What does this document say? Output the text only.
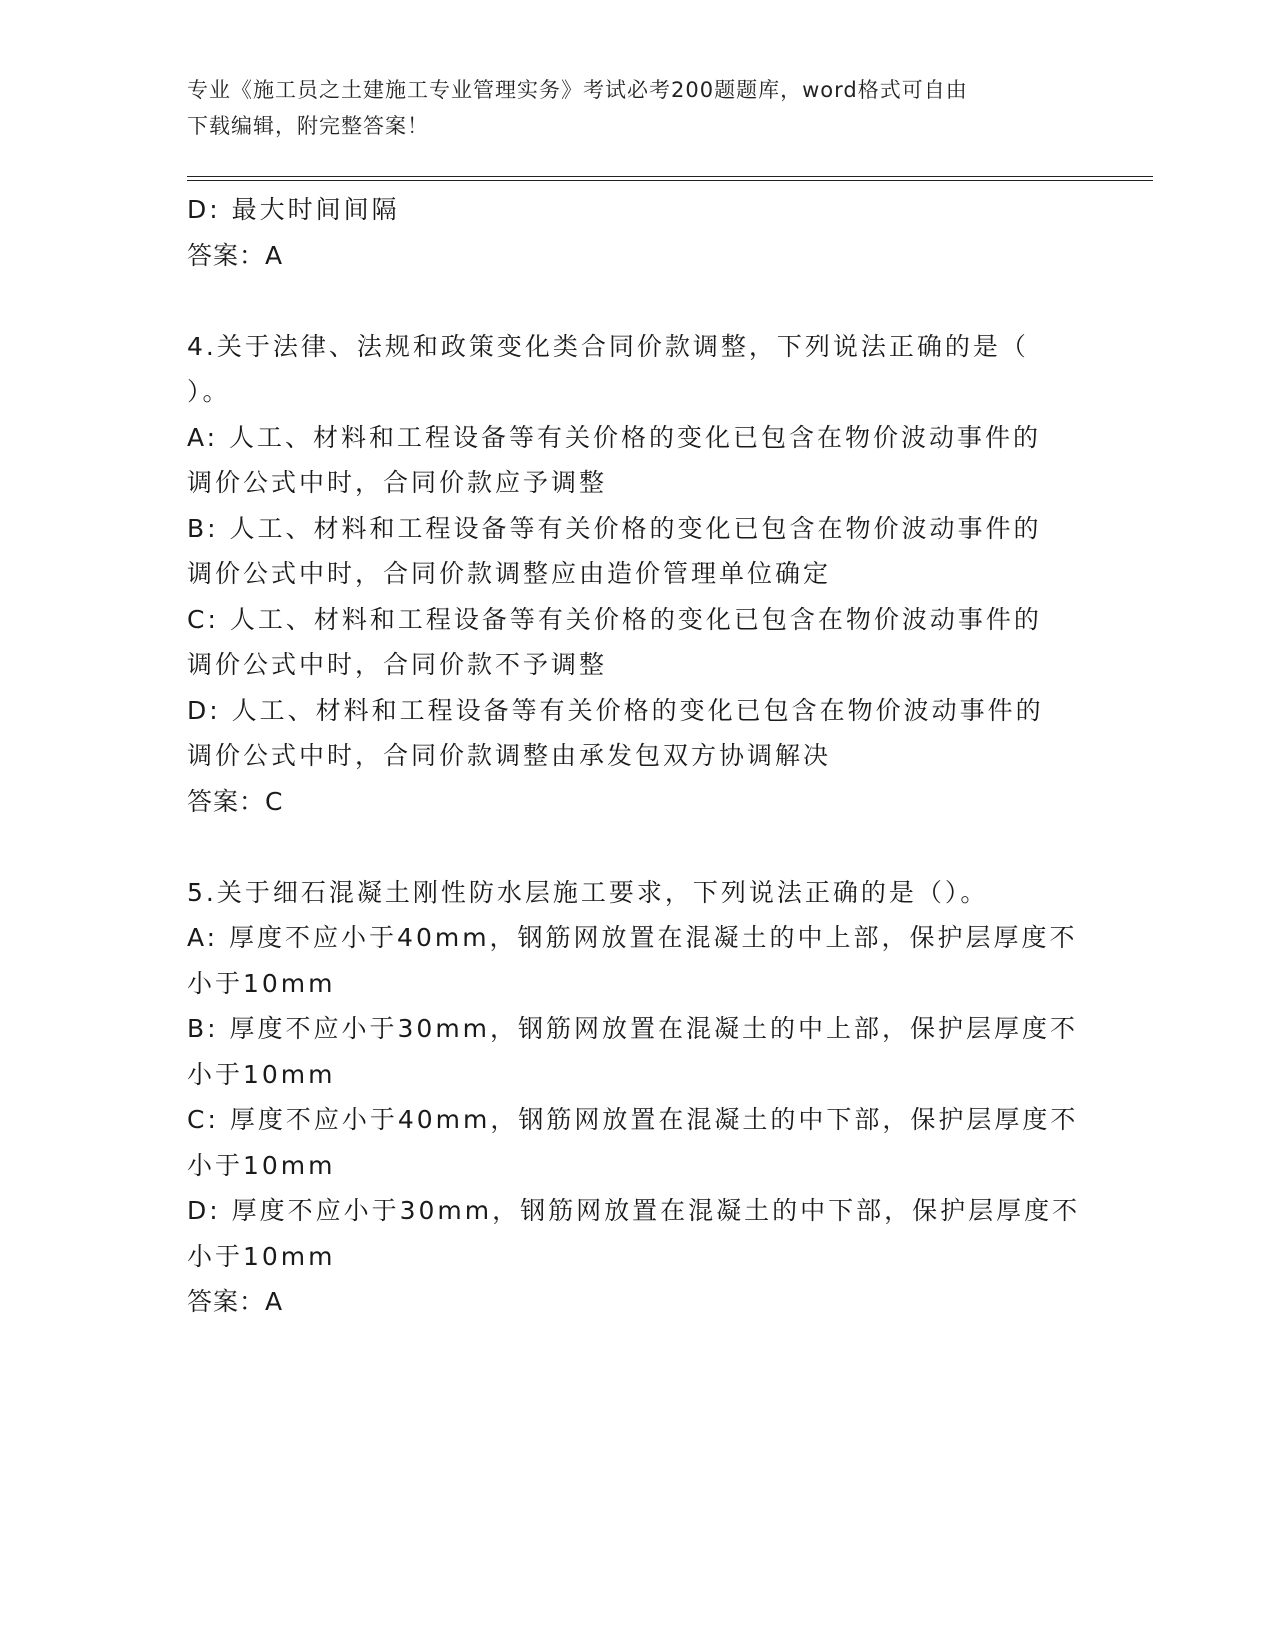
专业《施工员之土建施工专业管理实务》考试必考200题题库，word格式可自由
下载编辑，附完整答案！
D: 最大时间间隔
答案：A
4.关于法律、法规和政策变化类合同价款调整，下列说法正确的是（
）。
A: 人工、材料和工程设备等有关价格的变化已包含在物价波动事件的
调价公式中时，合同价款应予调整
B: 人工、材料和工程设备等有关价格的变化已包含在物价波动事件的
调价公式中时，合同价款调整应由造价管理单位确定
C: 人工、材料和工程设备等有关价格的变化已包含在物价波动事件的
调价公式中时，合同价款不予调整
D: 人工、材料和工程设备等有关价格的变化已包含在物价波动事件的
调价公式中时，合同价款调整由承发包双方协调解决
答案：C
5.关于细石混凝土刚性防水层施工要求，下列说法正确的是（）。
A: 厚度不应小于40mm，钢筋网放置在混凝土的中上部，保护层厚度不
小于10mm
B: 厚度不应小于30mm，钢筋网放置在混凝土的中上部，保护层厚度不
小于10mm
C: 厚度不应小于40mm，钢筋网放置在混凝土的中下部，保护层厚度不
小于10mm
D: 厚度不应小于30mm，钢筋网放置在混凝土的中下部，保护层厚度不
小于10mm
答案：A
